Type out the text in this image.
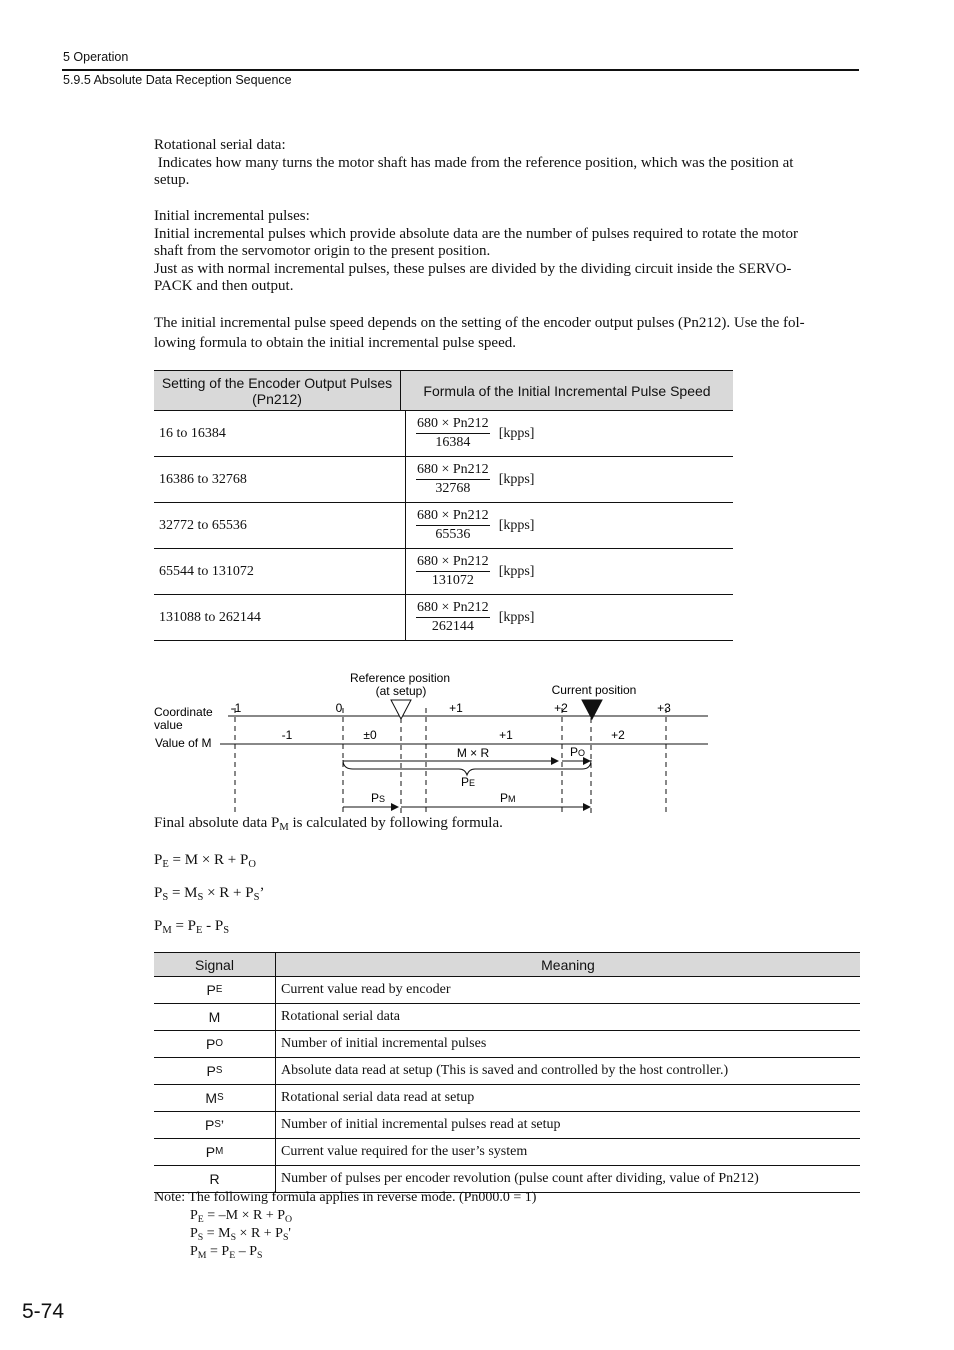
5 Operation
5.9.5 Absolute Data Reception Sequence
Rotational serial data:
Indicates how many turns the motor shaft has made from the reference position, which was the position at
setup.
Initial incremental pulses:
Initial incremental pulses which provide absolute data are the number of pulses required to rotate the motor
shaft from the servomotor origin to the present position.
Just as with normal incremental pulses, these pulses are divided by the dividing circuit inside the SERVO-
PACK and then output.
The initial incremental pulse speed depends on the setting of the encoder output pulses (Pn212). Use the fol-
lowing formula to obtain the initial incremental pulse speed.
Setting of the Encoder Output Pulses
(Pn212)	Formula of the Initial Incremental Pulse Speed
16 to 16384	$\frac{680 \times Pn212}{16384}$ [kpps]
16386 to 32768	$\frac{680 \times Pn212}{32768}$ [kpps]
32772 to 65536	$\frac{680 \times Pn212}{65536}$ [kpps]
65544 to 131072	$\frac{680 \times Pn212}{131072}$ [kpps]
131088 to 262144	$\frac{680 \times Pn212}{262144}$ [kpps]
Reference position
(at setup)	Current position
Coordinate
value
Value of M
-1	0	+1	+2	+3
-1	±0	+1	+2
M × R	PO
PE
PS	PM
Final absolute data $P_M$ is calculated by following formula.
$P_E = M \times R + P_O$
$P_S = M_S \times R + P_S$’
$P_M = P_E - P_S$
Signal	Meaning
P E	Current value read by encoder
M	Rotational serial data
P O	Number of initial incremental pulses
P S	Absolute data read at setup (This is saved and controlled by the host controller.)
M S	Rotational serial data read at setup
P S ’	Number of initial incremental pulses read at setup
P M	Current value required for the user’s system
R	Number of pulses per encoder revolution (pulse count after dividing, value of Pn212)
Note: The following formula applies in reverse mode. (Pn000.0 = 1)
$P_E = -M \times R + P_O$
$P_S = M_S \times R + P_S'$
$P_M = P_E - P_S$
5-74
